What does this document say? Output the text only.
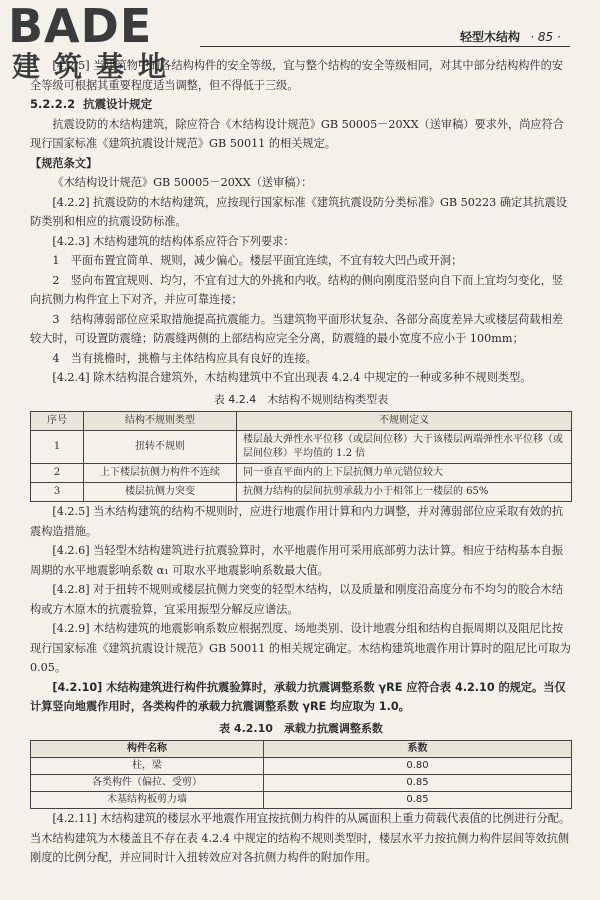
BADE
建筑基地
轻型木结构 · 85 ·

[4.2.5] 当建筑物中的各结构构件的安全等级，宜与整个结构的安全等级相同，对其中部分结构构件的安全等级可根据其重要程度适当调整，但不得低于三级。

5.2.2.2 抗震设计规定

抗震设防的木结构建筑，除应符合《木结构设计规范》GB 50005－20XX（送审稿）要求外，尚应符合现行国家标准《建筑抗震设计规范》GB 50011 的相关规定。

【规范条文】

《木结构设计规范》GB 50005－20XX（送审稿）：

[4.2.2] 抗震设防的木结构建筑，应按现行国家标准《建筑抗震设防分类标准》GB 50223 确定其抗震设防类别和相应的抗震设防标准。

[4.2.3] 木结构建筑的结构体系应符合下列要求：

1　平面布置宜简单、规则，减少偏心。楼层平面宜连续，不宜有较大凹凸或开洞；

2　竖向布置宜规则、均匀，不宜有过大的外挑和内收。结构的侧向刚度沿竖向自下而上宜均匀变化，竖向抗侧力构件宜上下对齐，并应可靠连接；

3　结构薄弱部位应采取措施提高抗震能力。当建筑物平面形状复杂、各部分高度差异大或楼层荷载相差较大时，可设置防震缝；防震缝两侧的上部结构应完全分离，防震缝的最小宽度不应小于 100mm；

4　当有挑檐时，挑檐与主体结构应具有良好的连接。

[4.2.4] 除木结构混合建筑外，木结构建筑中不宜出现表 4.2.4 中规定的一种或多种不规则类型。

表 4.2.4　木结构不规则结构类型表
序号	结构不规则类型	不规则定义
1	扭转不规则	楼层最大弹性水平位移（或层间位移）大于该楼层两端弹性水平位移（或层间位移）平均值的 1.2 倍
2	上下楼层抗侧力构件不连续	同一垂直平面内的上下层抗侧力单元错位较大
3	楼层抗侧力突变	抗侧力结构的层间抗剪承载力小于相邻上一楼层的 65%

[4.2.5] 当木结构建筑的结构不规则时，应进行地震作用计算和内力调整，并对薄弱部位应采取有效的抗震构造措施。

[4.2.6] 当轻型木结构建筑进行抗震验算时，水平地震作用可采用底部剪力法计算。相应于结构基本自振周期的水平地震影响系数 α₁ 可取水平地震影响系数最大值。

[4.2.8] 对于扭转不规则或楼层抗侧力突变的轻型木结构，以及质量和刚度沿高度分布不均匀的胶合木结构或方木原木的抗震验算，宜采用振型分解反应谱法。

[4.2.9] 木结构建筑的地震影响系数应根据烈度、场地类别、设计地震分组和结构自振周期以及阻尼比按现行国家标准《建筑抗震设计规范》GB 50011 的相关规定确定。木结构建筑地震作用计算时的阻尼比可取为 0.05。

[4.2.10] 木结构建筑进行构件抗震验算时，承载力抗震调整系数 γRE 应符合表 4.2.10 的规定。当仅计算竖向地震作用时，各类构件的承载力抗震调整系数 γRE 均应取为 1.0。

表 4.2.10　承载力抗震调整系数
构件名称	系数
柱，梁	0.80
各类构件（偏拉、受剪）	0.85
木基结构板剪力墙	0.85

[4.2.11] 木结构建筑的楼层水平地震作用宜按抗侧力构件的从属面积上重力荷载代表值的比例进行分配。当木结构建筑为木楼盖且不存在表 4.2.4 中规定的结构不规则类型时，楼层水平力按抗侧力构件层间等效抗侧刚度的比例分配，并应同时计入扭转效应对各抗侧力构件的附加作用。
